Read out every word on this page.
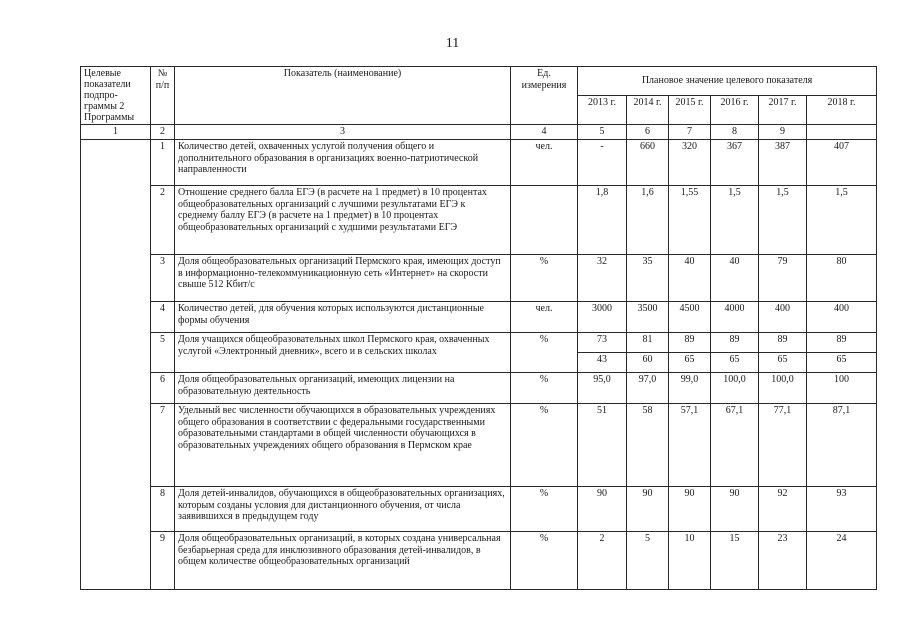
11
Целевые показатели подпро-граммы 2 Программы	№ п/п	Показатель (наименование)	Ед. измерения	Плановое значение целевого показателя					
				2013 г.	2014 г.	2015 г.	2016 г.	2017 г.	2018 г.
1	2	3	4	5	6	7	8	9	
	1	Количество детей, охваченных услугой получения общего и дополнительного образования в организациях военно-патриотической направленности	чел.	-	660	320	367	387	407
	2	Отношение среднего балла ЕГЭ (в расчете на 1 предмет) в 10 процентах общеобразовательных организаций с лучшими результатами ЕГЭ к среднему баллу ЕГЭ (в расчете на 1 предмет) в 10 процентах общеобразовательных организаций с худшими результатами ЕГЭ		1,8	1,6	1,55	1,5	1,5	1,5
	3	Доля общеобразовательных организаций Пермского края, имеющих доступ в информационно-телекоммуникационную сеть «Интернет» на скорости свыше 512 Кбит/с	%	32	35	40	40	79	80
	4	Количество детей, для обучения которых используются дистанционные формы обучения	чел.	3000	3500	4500	4000	400	400
	5	Доля учащихся общеобразовательных школ Пермского края, охваченных услугой «Электронный дневник», всего и в сельских школах	%	73	81	89	89	89	89
				43	60	65	65	65	65
	6	Доля общеобразовательных организаций, имеющих лицензии на образовательную деятельность	%	95,0	97,0	99,0	100,0	100,0	100
	7	Удельный вес численности обучающихся в образовательных учреждениях общего образования в соответствии с федеральными государственными образовательными стандартами в общей численности обучающихся в образовательных учреждениях общего образования в Пермском крае	%	51	58	57,1	67,1	77,1	87,1
	8	Доля детей-инвалидов, обучающихся в общеобразовательных организациях, которым созданы условия для дистанционного обучения, от числа заявившихся в предыдущем году	%	90	90	90	90	92	93
	9	Доля общеобразовательных организаций, в которых создана универсальная безбарьерная среда для инклюзивного образования детей-инвалидов, в общем количестве общеобразовательных организаций	%	2	5	10	15	23	24
